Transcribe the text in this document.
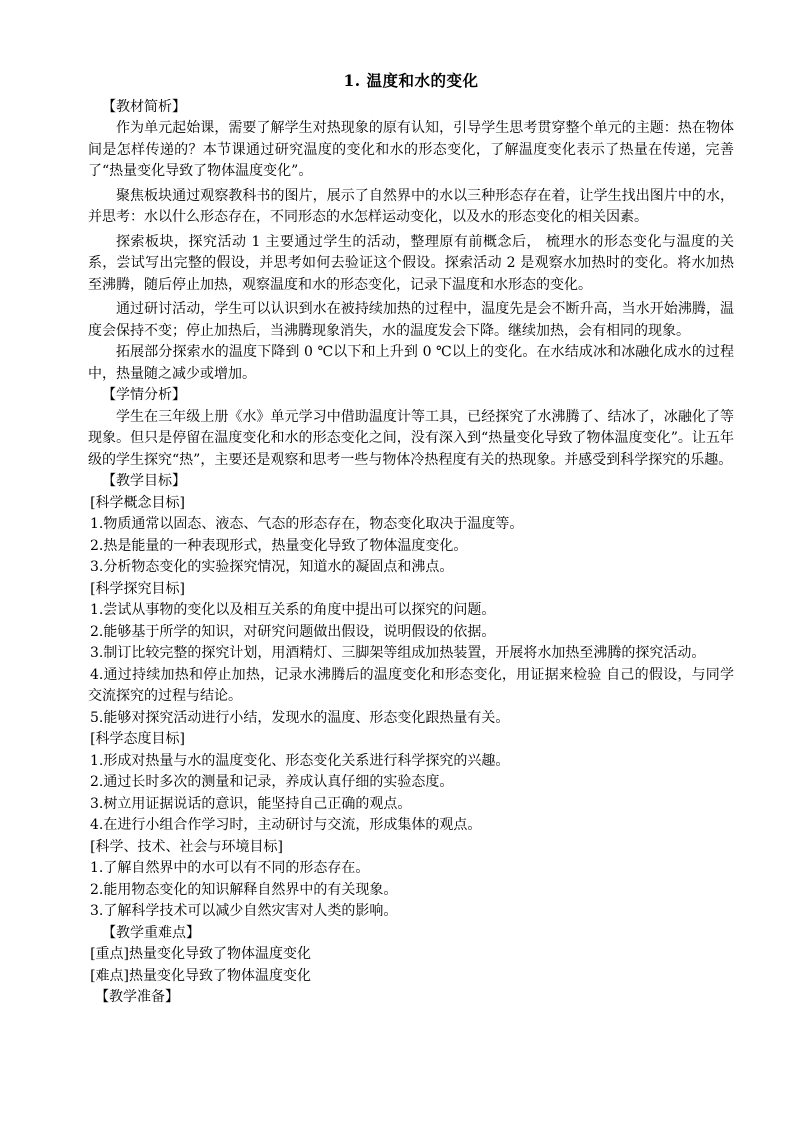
1. 温度和水的变化
【教材简析】

作为单元起始课，需要了解学生对热现象的原有认知，引导学生思考贯穿整个单元的主题：热在物体间是怎样传递的？本节课通过研究温度的变化和水的形态变化，了解温度变化表示了热量在传递，完善了“热量变化导致了物体温度变化”。

聚焦板块通过观察教科书的图片，展示了自然界中的水以三种形态存在着，让学生找出图片中的水，并思考：水以什么形态存在，不同形态的水怎样运动变化，以及水的形态变化的相关因素。

探索板块，探究活动 1 主要通过学生的活动，整理原有前概念后， 梳理水的形态变化与温度的关系，尝试写出完整的假设，并思考如何去验证这个假设。探索活动 2 是观察水加热时的变化。将水加热至沸腾，随后停止加热，观察温度和水的形态变化，记录下温度和水形态的变化。

通过研讨活动，学生可以认识到水在被持续加热的过程中，温度先是会不断升高，当水开始沸腾，温度会保持不变；停止加热后，当沸腾现象消失，水的温度发会下降。继续加热，会有相同的现象。

拓展部分探索水的温度下降到 0 ℃以下和上升到 0 ℃以上的变化。在水结成冰和冰融化成水的过程中，热量随之减少或增加。

【学情分析】

学生在三年级上册《水》单元学习中借助温度计等工具，已经探究了水沸腾了、结冰了，冰融化了等现象。但只是停留在温度变化和水的形态变化之间，没有深入到“热量变化导致了物体温度变化”。让五年级的学生探究“热”，主要还是观察和思考一些与物体冷热程度有关的热现象。并感受到科学探究的乐趣。

【教学目标】
[科学概念目标]
1.物质通常以固态、液态、气态的形态存在，物态变化取决于温度等。
2.热是能量的一种表现形式，热量变化导致了物体温度变化。
3.分析物态变化的实验探究情况，知道水的凝固点和沸点。
[科学探究目标]
1.尝试从事物的变化以及相互关系的角度中提出可以探究的问题。
2.能够基于所学的知识，对研究问题做出假设，说明假设的依据。
3.制订比较完整的探究计划，用酒精灯、三脚架等组成加热装置，开展将水加热至沸腾的探究活动。
4.通过持续加热和停止加热，记录水沸腾后的温度变化和形态变化，用证据来检验 自己的假设，与同学交流探究的过程与结论。
5.能够对探究活动进行小结，发现水的温度、形态变化跟热量有关。
[科学态度目标]
1.形成对热量与水的温度变化、形态变化关系进行科学探究的兴趣。
2.通过长时多次的测量和记录，养成认真仔细的实验态度。
3.树立用证据说话的意识，能坚持自己正确的观点。
4.在进行小组合作学习时，主动研讨与交流，形成集体的观点。
[科学、技术、社会与环境目标]
1.了解自然界中的水可以有不同的形态存在。
2.能用物态变化的知识解释自然界中的有关现象。
3.了解科学技术可以减少自然灾害对人类的影响。
【教学重难点】
[重点]热量变化导致了物体温度变化
[难点]热量变化导致了物体温度变化
【教学准备】
